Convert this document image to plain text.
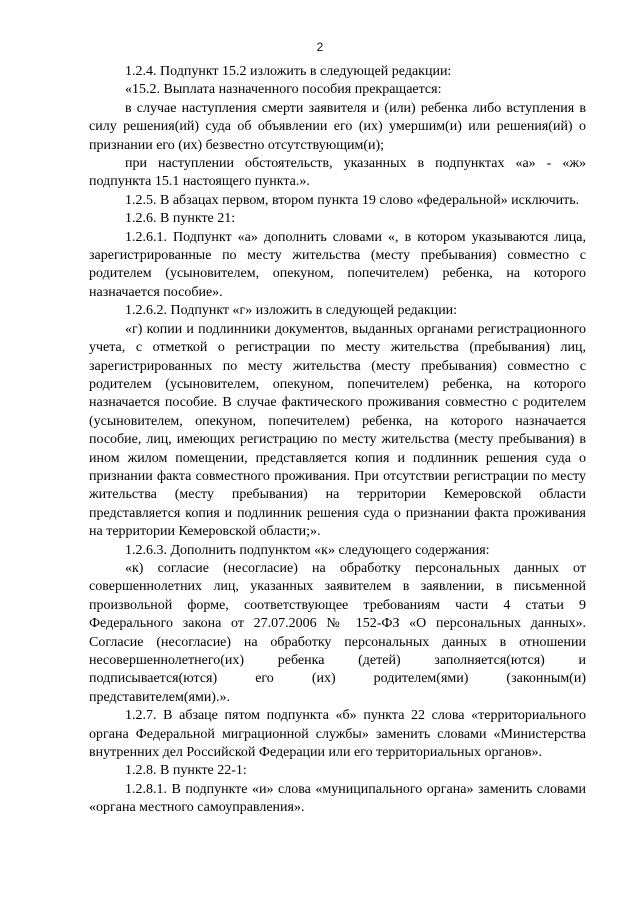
2

1.2.4. Подпункт 15.2 изложить в следующей редакции:

«15.2. Выплата назначенного пособия прекращается:

в случае наступления смерти заявителя и (или) ребенка либо вступления в силу решения(ий) суда об объявлении его (их) умершим(и) или решения(ий) о признании его (их) безвестно отсутствующим(и);

при наступлении обстоятельств, указанных в подпунктах «а» - «ж» подпункта 15.1 настоящего пункта.».

1.2.5. В абзацах первом, втором пункта 19 слово «федеральной» исключить.

1.2.6. В пункте 21:

1.2.6.1. Подпункт «а» дополнить словами «, в котором указываются лица, зарегистрированные по месту жительства (месту пребывания) совместно с родителем (усыновителем, опекуном, попечителем) ребенка, на которого назначается пособие».

1.2.6.2. Подпункт «г» изложить в следующей редакции:

«г) копии и подлинники документов, выданных органами регистрационного учета, с отметкой о регистрации по месту жительства (пребывания) лиц, зарегистрированных по месту жительства (месту пребывания) совместно с родителем (усыновителем, опекуном, попечителем) ребенка, на которого назначается пособие. В случае фактического проживания совместно с родителем (усыновителем, опекуном, попечителем) ребенка, на которого назначается пособие, лиц, имеющих регистрацию по месту жительства (месту пребывания) в ином жилом помещении, представляется копия и подлинник решения суда о признании факта совместного проживания. При отсутствии регистрации по месту жительства (месту пребывания) на территории Кемеровской области представляется копия и подлинник решения суда о признании факта проживания на территории Кемеровской области;».

1.2.6.3. Дополнить подпунктом «к» следующего содержания:

«к) согласие (несогласие) на обработку персональных данных от совершеннолетних лиц, указанных заявителем в заявлении, в письменной произвольной форме, соответствующее требованиям части 4 статьи 9 Федерального закона от 27.07.2006 № 152-ФЗ «О персональных данных». Согласие (несогласие) на обработку персональных данных в отношении несовершеннолетнего(их) ребенка (детей) заполняется(ются) и подписывается(ются) его (их) родителем(ями) (законным(и) представителем(ями).».

1.2.7. В абзаце пятом подпункта «б» пункта 22 слова «территориального органа Федеральной миграционной службы» заменить словами «Министерства внутренних дел Российской Федерации или его территориальных органов».

1.2.8. В пункте 22-1:

1.2.8.1. В подпункте «и» слова «муниципального органа» заменить словами «органа местного самоуправления».
